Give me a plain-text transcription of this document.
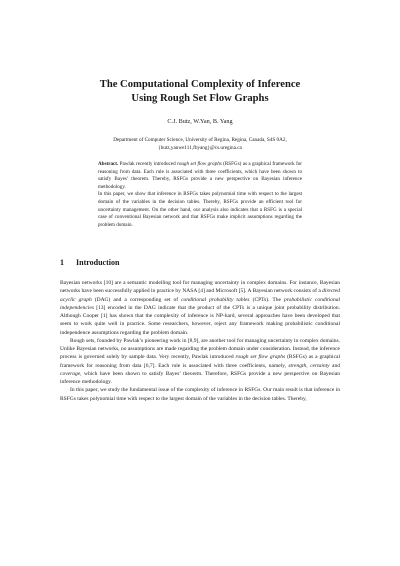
The Computational Complexity of Inference
Using Rough Set Flow Graphs
C.J. Butz, W.Yan, B. Yang
Department of Computer Science, University of Regina, Regina, Canada, S4S 0A2,
{butz,yanwe111,fbyang}@cs.uregina.ca

Abstract. Pawlak recently introduced rough set flow graphs (RSFGs) as a graphical framework for reasoning from data. Each rule is associated with three coefficients, which have been shown to satisfy Bayes’ theorem. Thereby, RSFGs provide a new perspective on Bayesian inference methodology.

In this paper, we show that inference in RSFGs takes polynomial time with respect to the largest domain of the variables in the decision tables. Thereby, RSFGs provide an efficient tool for uncertainty management. On the other hand, our analysis also indicates that a RSFG is a special case of conventional Bayesian network and that RSFGs make implicit assumptions regarding the problem domain.

1 Introduction

Bayesian networks [10] are a semantic modelling tool for managing uncertainty in complex domains. For instance, Bayesian networks have been successfully applied in practice by NASA [4] and Microsoft [5]. A Bayesian network consists of a directed acyclic graph (DAG) and a corresponding set of conditional probability tables (CPTs). The probabilistic conditional independencies [13] encoded in the DAG indicate that the product of the CPTs is a unique joint probability distribution. Although Cooper [1] has shown that the complexity of inference is NP-hard, several approaches have been developed that seem to work quite well in practice. Some researchers, however, reject any framework making probabilistic conditional independence assumptions regarding the problem domain.

Rough sets, founded by Pawlak’s pioneering work in [8,9], are another tool for managing uncertainty in complex domains. Unlike Bayesian networks, no assumptions are made regarding the problem domain under consideration. Instead, the inference process is governed solely by sample data. Very recently, Pawlak introduced rough set flow graphs (RSFGs) as a graphical framework for reasoning from data [6,7]. Each rule is associated with three coefficients, namely, strength, certainty and coverage, which have been shown to satisfy Bayes’ theorem. Therefore, RSFGs provide a new perspective on Bayesian inference methodology.

In this paper, we study the fundamental issue of the complexity of inference in RSFGs. Our main result is that inference in RSFGs takes polynomial time with respect to the largest domain of the variables in the decision tables. Thereby,
